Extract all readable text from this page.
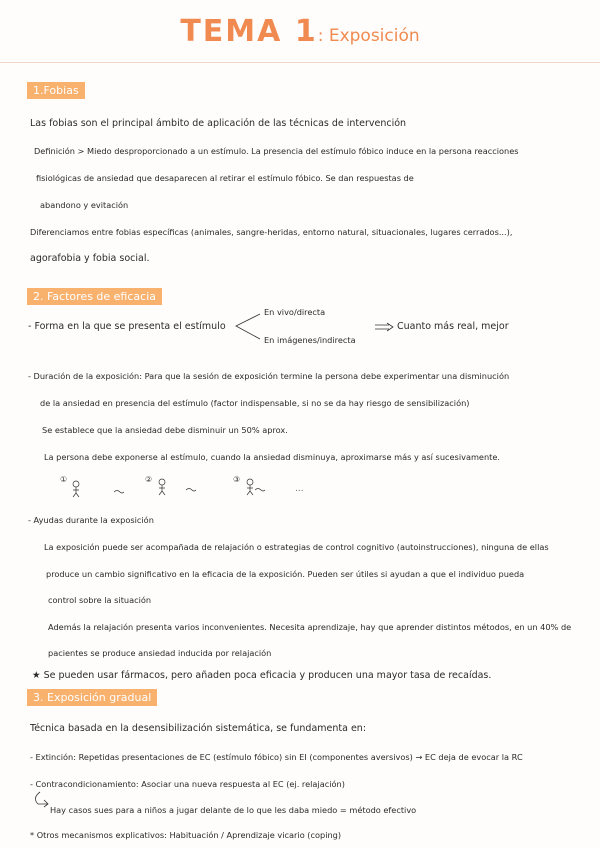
TEMA 1: Exposición
1.Fobias
Las fobias son el principal ámbito de aplicación de las técnicas de intervención
Definición > Miedo desproporcionado a un estímulo. La presencia del estímulo fóbico induce en la persona reacciones
fisiológicas de ansiedad que desaparecen al retirar el estímulo fóbico. Se dan respuestas de
abandono y evitación
Diferenciamos entre fobias específicas (animales, sangre-heridas, entorno natural, situacionales, lugares cerrados...),
agorafobia y fobia social.
2. Factores de eficacia
- Forma en la que se presenta el estímulo
En vivo/directa
En imágenes/indirecta
Cuanto más real, mejor
- Duración de la exposición: Para que la sesión de exposición termine la persona debe experimentar una disminución
de la ansiedad en presencia del estímulo (factor indispensable, si no se da hay riesgo de sensibilización)
Se establece que la ansiedad debe disminuir un 50% aprox.
La persona debe exponerse al estímulo, cuando la ansiedad disminuya, aproximarse más y así sucesivamente.
①	②	③
...
- Ayudas durante la exposición
La exposición puede ser acompañada de relajación o estrategias de control cognitivo (autoinstrucciones), ninguna de ellas
produce un cambio significativo en la eficacia de la exposición. Pueden ser útiles si ayudan a que el individuo pueda
control sobre la situación
Además la relajación presenta varios inconvenientes. Necesita aprendizaje, hay que aprender distintos métodos, en un 40% de
pacientes se produce ansiedad inducida por relajación
★ Se pueden usar fármacos, pero añaden poca eficacia y producen una mayor tasa de recaídas.
3. Exposición gradual
Técnica basada en la desensibilización sistemática, se fundamenta en:
- Extinción: Repetidas presentaciones de EC (estímulo fóbico) sin EI (componentes aversivos) → EC deja de evocar la RC
- Contracondicionamiento: Asociar una nueva respuesta al EC (ej. relajación)
Hay casos sues para a niños a jugar delante de lo que les daba miedo = método efectivo
* Otros mecanismos explicativos: Habituación / Aprendizaje vicario (coping)
